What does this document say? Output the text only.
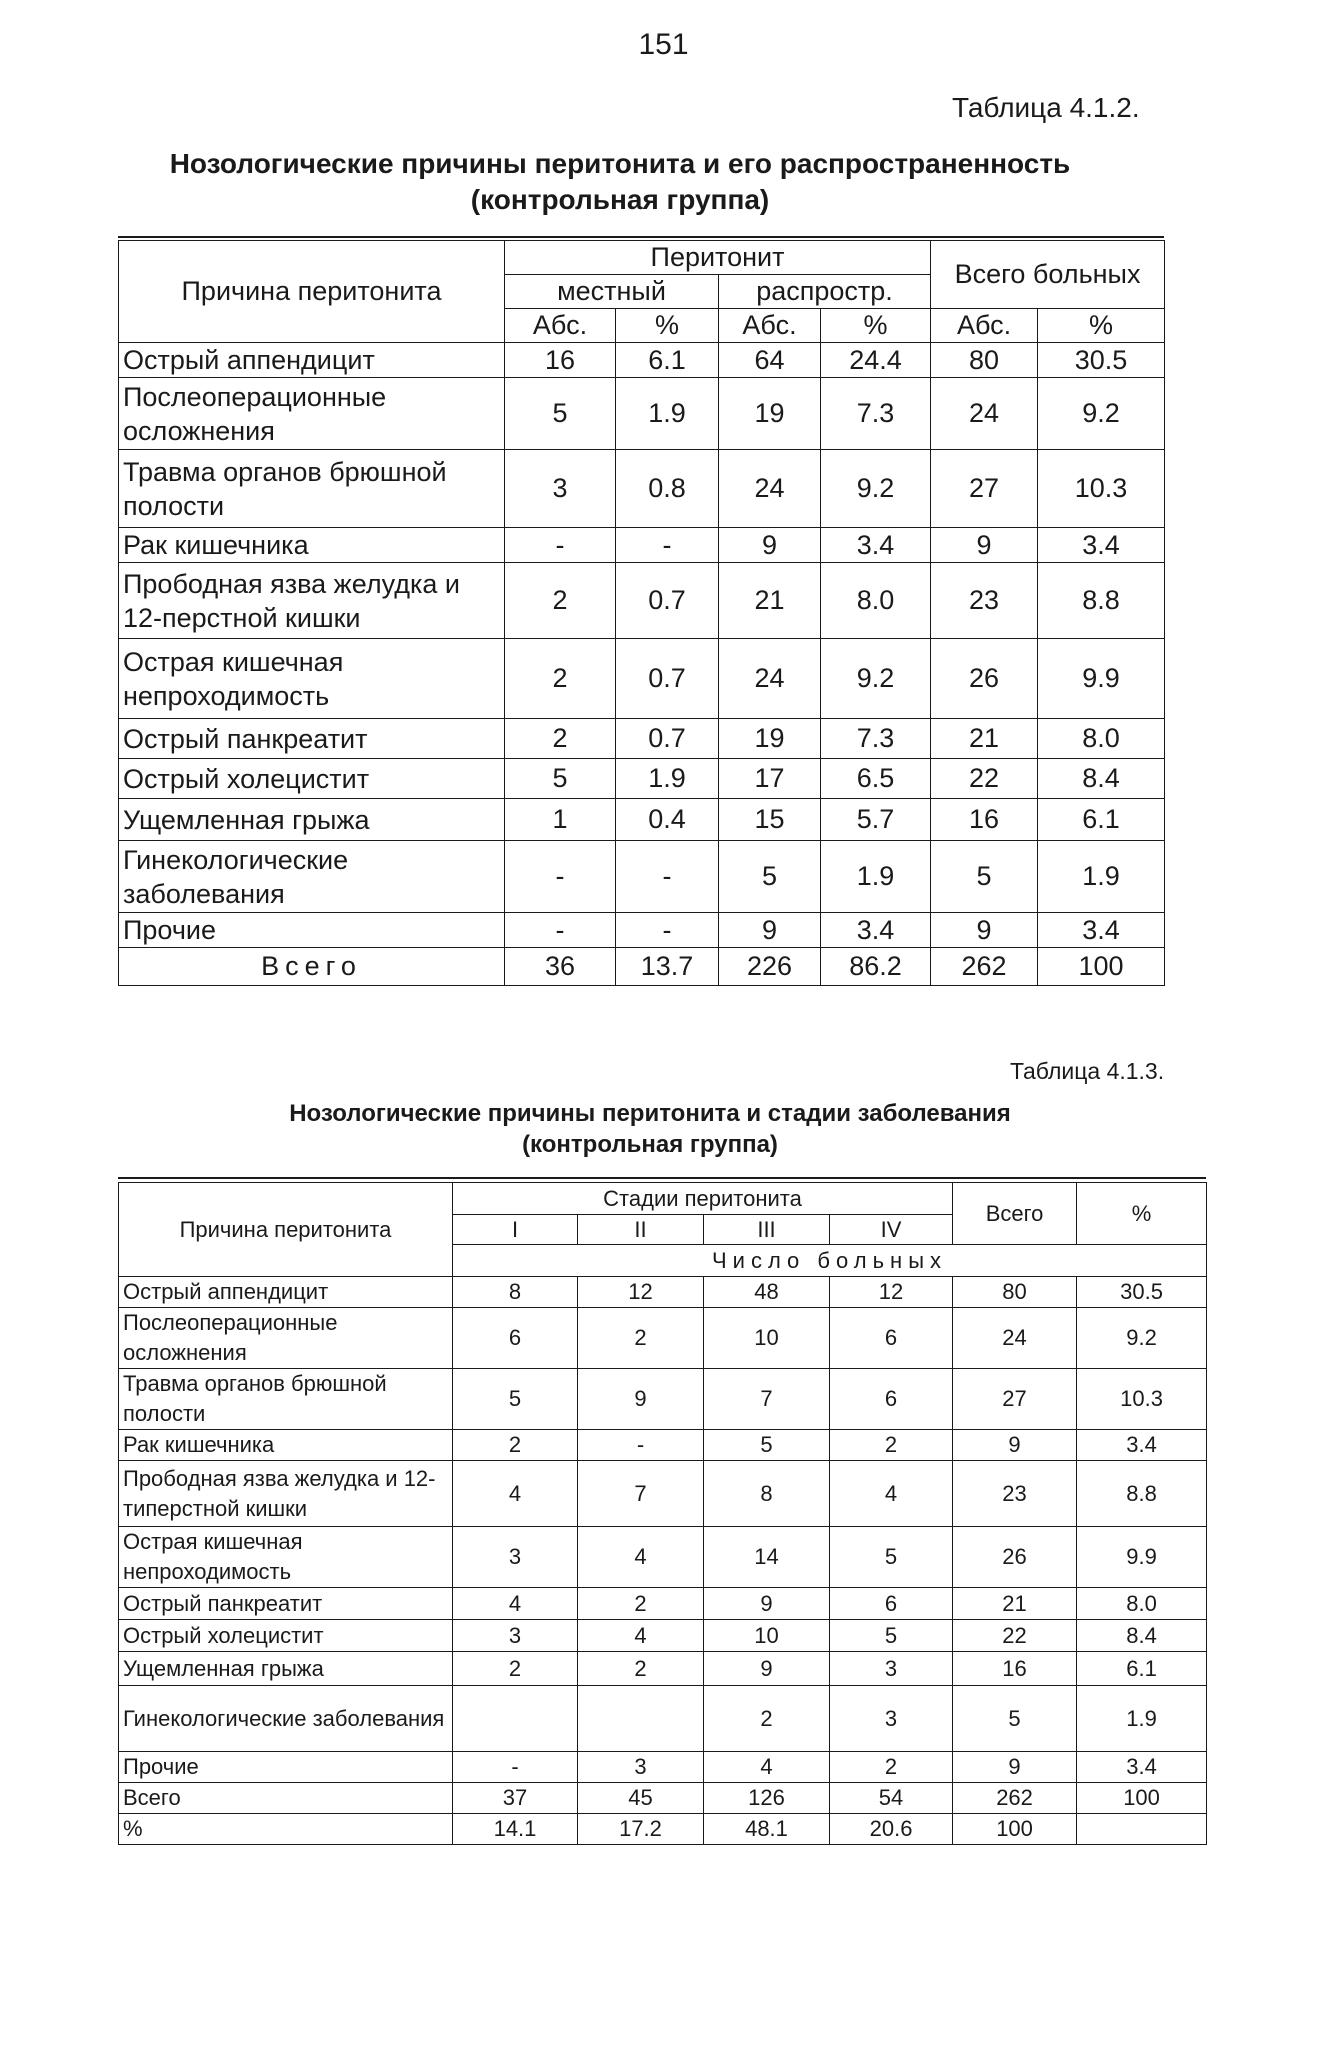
151
Таблица 4.1.2.
Нозологические причины перитонита и его распространенность
(контрольная группа)
Причина перитонита	Перитонит				Всего больных	
	местный		распростр.			
	Абс.	%	Абс.	%	Абс.	%
Острый аппендицит	16	6.1	64	24.4	80	30.5
Послеоперационные осложнения	5	1.9	19	7.3	24	9.2
Травма органов брюшной полости	3	0.8	24	9.2	27	10.3
Рак кишечника	-	-	9	3.4	9	3.4
Прободная язва желудка и 12-перстной кишки	2	0.7	21	8.0	23	8.8
Острая кишечная непроходимость	2	0.7	24	9.2	26	9.9
Острый панкреатит	2	0.7	19	7.3	21	8.0
Острый холецистит	5	1.9	17	6.5	22	8.4
Ущемленная грыжа	1	0.4	15	5.7	16	6.1
Гинекологические заболевания	-	-	5	1.9	5	1.9
Прочие	-	-	9	3.4	9	3.4
Всего	36	13.7	226	86.2	262	100
Таблица 4.1.3.
Нозологические причины перитонита и стадии заболевания
(контрольная группа)
Причина перитонита	Стадии перитонита				Всего	%
	I	II	III	IV		
	Число больных					
Острый аппендицит	8	12	48	12	80	30.5
Послеоперационные осложнения	6	2	10	6	24	9.2
Травма органов брюшной полости	5	9	7	6	27	10.3
Рак кишечника	2	-	5	2	9	3.4
Прободная язва желудка и 12-типерстной кишки	4	7	8	4	23	8.8
Острая кишечная непроходимость	3	4	14	5	26	9.9
Острый панкреатит	4	2	9	6	21	8.0
Острый холецистит	3	4	10	5	22	8.4
Ущемленная грыжа	2	2	9	3	16	6.1
Гинекологические заболевания			2	3	5	1.9
Прочие	-	3	4	2	9	3.4
Всего	37	45	126	54	262	100
%	14.1	17.2	48.1	20.6	100	
